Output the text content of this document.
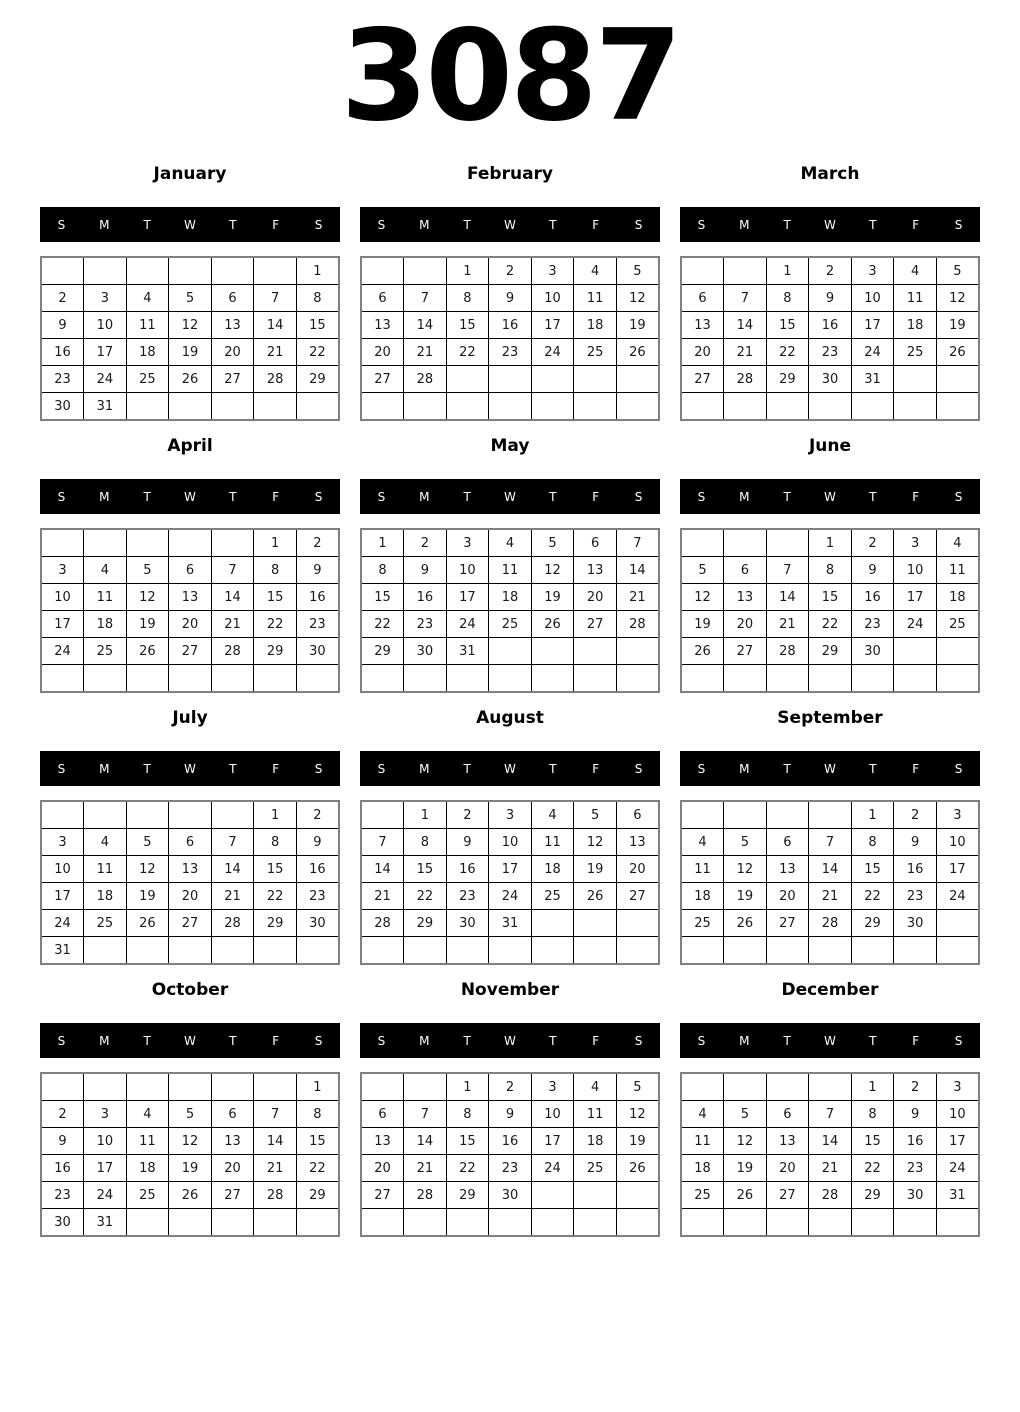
3087
January
S	M	T	W	T	F	S
						1
2	3	4	5	6	7	8
9	10	11	12	13	14	15
16	17	18	19	20	21	22
23	24	25	26	27	28	29
30	31					
February
S	M	T	W	T	F	S
		1	2	3	4	5
6	7	8	9	10	11	12
13	14	15	16	17	18	19
20	21	22	23	24	25	26
27	28					

March
S	M	T	W	T	F	S
		1	2	3	4	5
6	7	8	9	10	11	12
13	14	15	16	17	18	19
20	21	22	23	24	25	26
27	28	29	30	31		

April
S	M	T	W	T	F	S
					1	2
3	4	5	6	7	8	9
10	11	12	13	14	15	16
17	18	19	20	21	22	23
24	25	26	27	28	29	30

May
S	M	T	W	T	F	S
1	2	3	4	5	6	7
8	9	10	11	12	13	14
15	16	17	18	19	20	21
22	23	24	25	26	27	28
29	30	31				

June
S	M	T	W	T	F	S
			1	2	3	4
5	6	7	8	9	10	11
12	13	14	15	16	17	18
19	20	21	22	23	24	25
26	27	28	29	30		

July
S	M	T	W	T	F	S
					1	2
3	4	5	6	7	8	9
10	11	12	13	14	15	16
17	18	19	20	21	22	23
24	25	26	27	28	29	30
31						
August
S	M	T	W	T	F	S
	1	2	3	4	5	6
7	8	9	10	11	12	13
14	15	16	17	18	19	20
21	22	23	24	25	26	27
28	29	30	31			

September
S	M	T	W	T	F	S
				1	2	3
4	5	6	7	8	9	10
11	12	13	14	15	16	17
18	19	20	21	22	23	24
25	26	27	28	29	30	

October
S	M	T	W	T	F	S
						1
2	3	4	5	6	7	8
9	10	11	12	13	14	15
16	17	18	19	20	21	22
23	24	25	26	27	28	29
30	31					
November
S	M	T	W	T	F	S
		1	2	3	4	5
6	7	8	9	10	11	12
13	14	15	16	17	18	19
20	21	22	23	24	25	26
27	28	29	30			

December
S	M	T	W	T	F	S
				1	2	3
4	5	6	7	8	9	10
11	12	13	14	15	16	17
18	19	20	21	22	23	24
25	26	27	28	29	30	31
